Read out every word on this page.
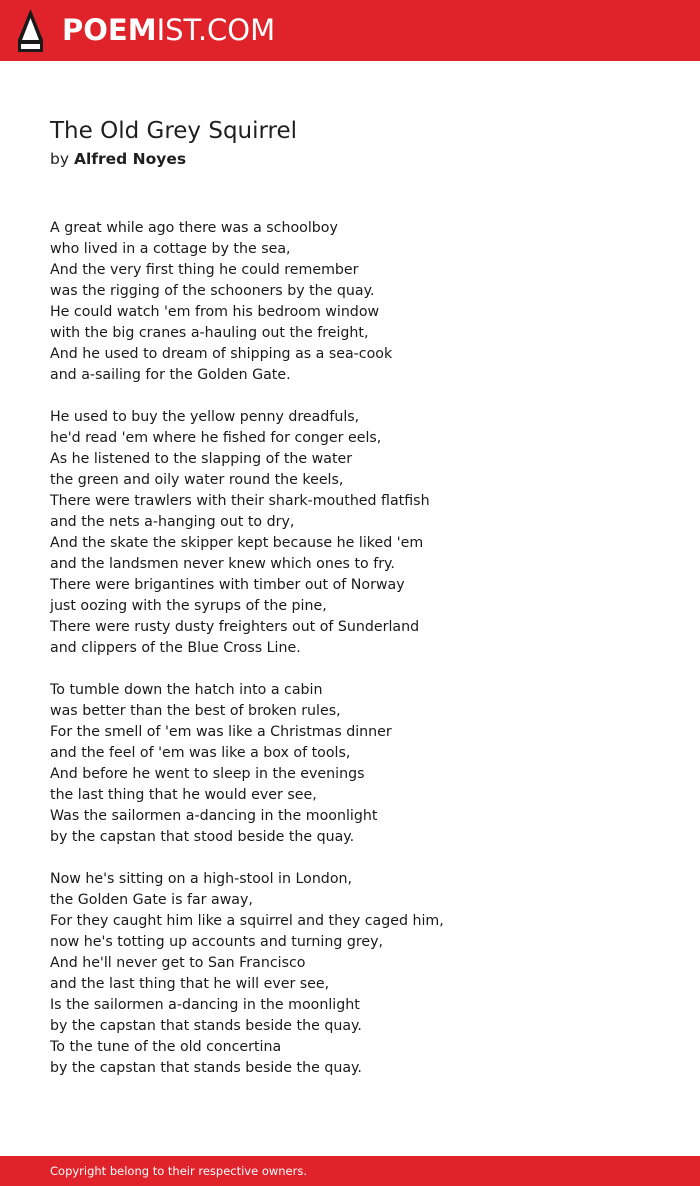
POEMIST.COM
The Old Grey Squirrel
by Alfred Noyes
A great while ago there was a schoolboy
who lived in a cottage by the sea,
And the very first thing he could remember
was the rigging of the schooners by the quay.
He could watch 'em from his bedroom window
with the big cranes a-hauling out the freight,
And he used to dream of shipping as a sea-cook
and a-sailing for the Golden Gate.
He used to buy the yellow penny dreadfuls,
he'd read 'em where he fished for conger eels,
As he listened to the slapping of the water
the green and oily water round the keels,
There were trawlers with their shark-mouthed flatfish
and the nets a-hanging out to dry,
And the skate the skipper kept because he liked 'em
and the landsmen never knew which ones to fry.
There were brigantines with timber out of Norway
just oozing with the syrups of the pine,
There were rusty dusty freighters out of Sunderland
and clippers of the Blue Cross Line.
To tumble down the hatch into a cabin
was better than the best of broken rules,
For the smell of 'em was like a Christmas dinner
and the feel of 'em was like a box of tools,
And before he went to sleep in the evenings
the last thing that he would ever see,
Was the sailormen a-dancing in the moonlight
by the capstan that stood beside the quay.
Now he's sitting on a high-stool in London,
the Golden Gate is far away,
For they caught him like a squirrel and they caged him,
now he's totting up accounts and turning grey,
And he'll never get to San Francisco
and the last thing that he will ever see,
Is the sailormen a-dancing in the moonlight
by the capstan that stands beside the quay.
To the tune of the old concertina
by the capstan that stands beside the quay.
Copyright belong to their respective owners.
